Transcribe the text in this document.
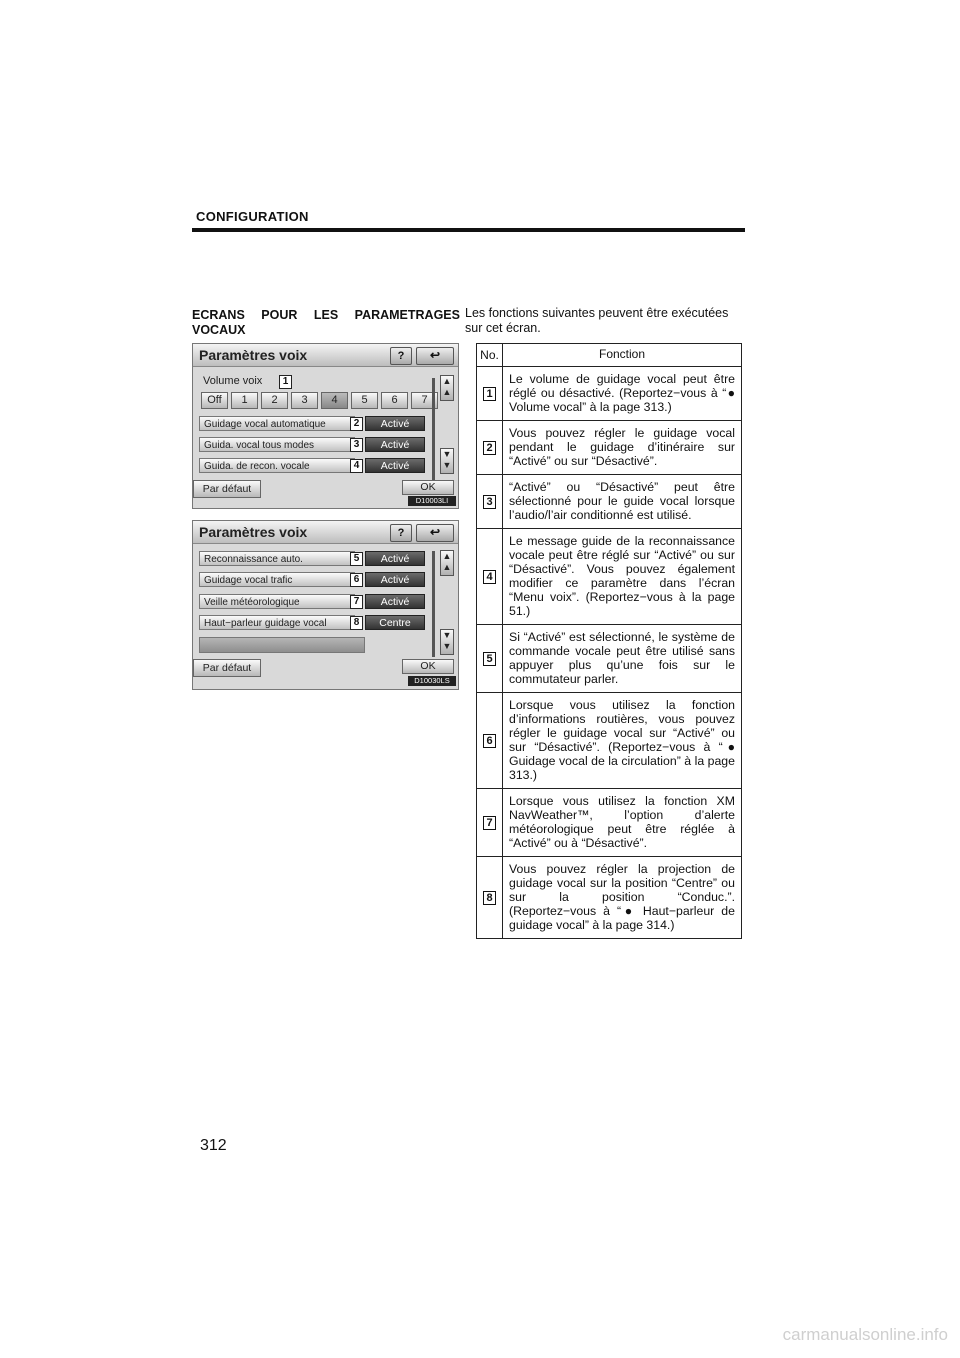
CONFIGURATION
ECRANS POUR LES PARAMETRAGES VOCAUX
Les fonctions suivantes peuvent être exécutées sur cet écran.
Paramètres voix	?	↩
Volume voix	1
Off	1	2	3	4	5	6	7
Guidage vocal automatique	2	Activé
Guida. vocal tous modes	3	Activé
Guida. de recon. vocale	4	Activé
▲
▲
▼
▼
Par défaut	OK
D10003LI
Paramètres voix	?	↩
Reconnaissance auto.	5	Activé
Guidage vocal trafic	6	Activé
Veille météorologique	7	Activé
Haut−parleur guidage vocal	8	Centre
▲
▲
▼
▼
Par défaut	OK
D10030LS
No.	Fonction
1	Le volume de guidage vocal peut être réglé ou désactivé. (Reportez−vous à “● Volume vocal” à la page 313.)
2	Vous pouvez régler le guidage vocal pendant le guidage d’itinéraire sur “Activé” ou sur “Désactivé”.
3	“Activé” ou “Désactivé” peut être sélectionné pour le guide vocal lorsque l’audio/l’air conditionné est utilisé.
4	Le message guide de la reconnaissance vocale peut être réglé sur “Activé” ou sur “Désactivé”. Vous pouvez également modifier ce paramètre dans l’écran “Menu voix”. (Reportez−vous à la page 51.)
5	Si “Activé” est sélectionné, le système de commande vocale peut être utilisé sans appuyer plus qu’une fois sur le commutateur parler.
6	Lorsque vous utilisez la fonction d’informations routières, vous pouvez régler le guidage vocal sur “Activé” ou sur “Désactivé”. (Reportez−vous à “● Guidage vocal de la circulation” à la page 313.)
7	Lorsque vous utilisez la fonction XM NavWeather™, l’option d’alerte météorologique peut être réglée à “Activé” ou à “Désactivé”.
8	Vous pouvez régler la projection de guidage vocal sur la position “Centre” ou sur la position “Conduc.”. (Reportez−vous à “● Haut−parleur de guidage vocal” à la page 314.)
312
carmanualsonline.info
